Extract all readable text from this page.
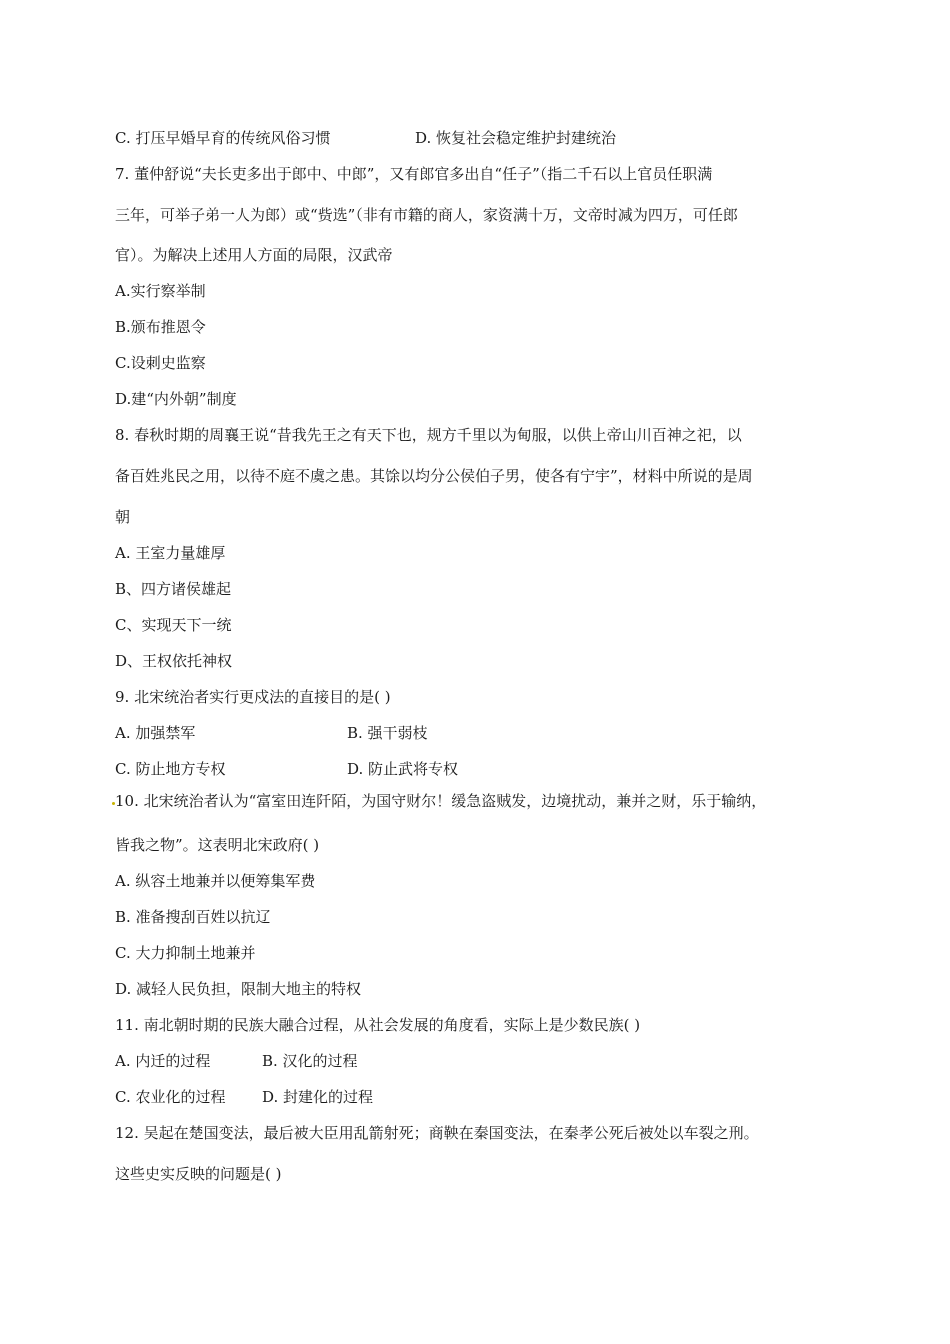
C. 打压早婚早育的传统风俗习惯	D. 恢复社会稳定维护封建统治
7. 董仲舒说“夫长吏多出于郎中、中郎”，又有郎官多出自“任子”（指二千石以上官员任职满
三年，可举子弟一人为郎）或“赀选”（非有市籍的商人，家资满十万，文帝时减为四万，可任郎
官）。为解决上述用人方面的局限，汉武帝
A.实行察举制
B.颁布推恩令
C.设刺史监察
D.建“内外朝”制度
8. 春秋时期的周襄王说“昔我先王之有天下也，规方千里以为甸服，以供上帝山川百神之祀，以
备百姓兆民之用，以待不庭不虞之患。其馀以均分公侯伯子男，使各有宁宇”，材料中所说的是周
朝
A. 王室力量雄厚
B、四方诸侯雄起
C、实现天下一统
D、王权依托神权
9. 北宋统治者实行更戍法的直接目的是( )
A. 加强禁军	B. 强干弱枝
C. 防止地方专权	D. 防止武将专权
10. 北宋统治者认为“富室田连阡陌，为国守财尔！缓急盗贼发，边境扰动，兼并之财，乐于输纳，
皆我之物”。这表明北宋政府( )
A. 纵容土地兼并以便筹集军费
B. 准备搜刮百姓以抗辽
C. 大力抑制土地兼并
D. 减轻人民负担，限制大地主的特权
11. 南北朝时期的民族大融合过程，从社会发展的角度看，实际上是少数民族( )
A. 内迁的过程	B. 汉化的过程
C. 农业化的过程 D. 封建化的过程
12. 吴起在楚国变法，最后被大臣用乱箭射死；商鞅在秦国变法，在秦孝公死后被处以车裂之刑。
这些史实反映的问题是( )
